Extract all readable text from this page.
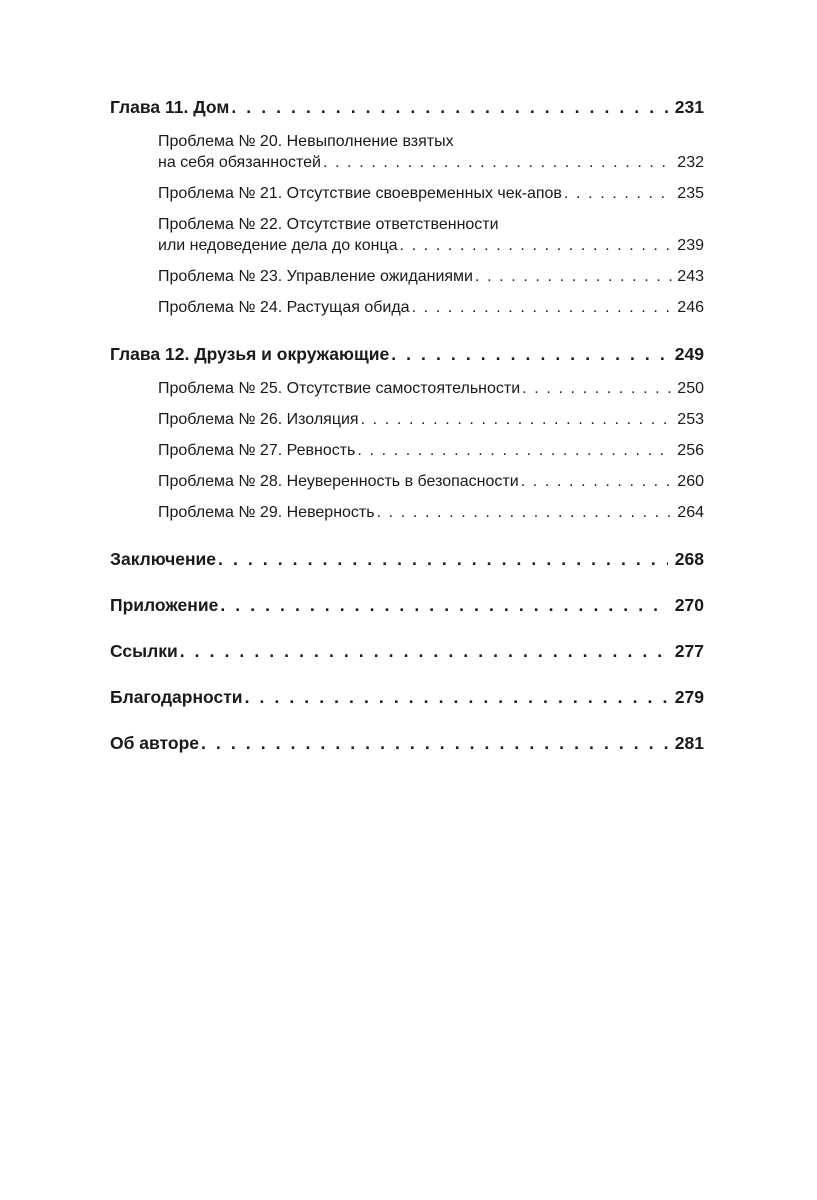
Глава 11. Дом . . .	231
Проблема № 20. Невыполнение взятых
на себя обязанностей . . .	232
Проблема № 21. Отсутствие своевременных чек-апов . . .	235
Проблема № 22. Отсутствие ответственности
или недоведение дела до конца . . .	239
Проблема № 23. Управление ожиданиями . . .	243
Проблема № 24. Растущая обида . . .	246
Глава 12. Друзья и окружающие . . .	249
Проблема № 25. Отсутствие самостоятельности . . .	250
Проблема № 26. Изоляция . . .	253
Проблема № 27. Ревность . . .	256
Проблема № 28. Неуверенность в безопасности . . .	260
Проблема № 29. Неверность . . .	264
Заключение . . .	268
Приложение . . .	270
Ссылки . . .	277
Благодарности . . .	279
Об авторе . . .	281
